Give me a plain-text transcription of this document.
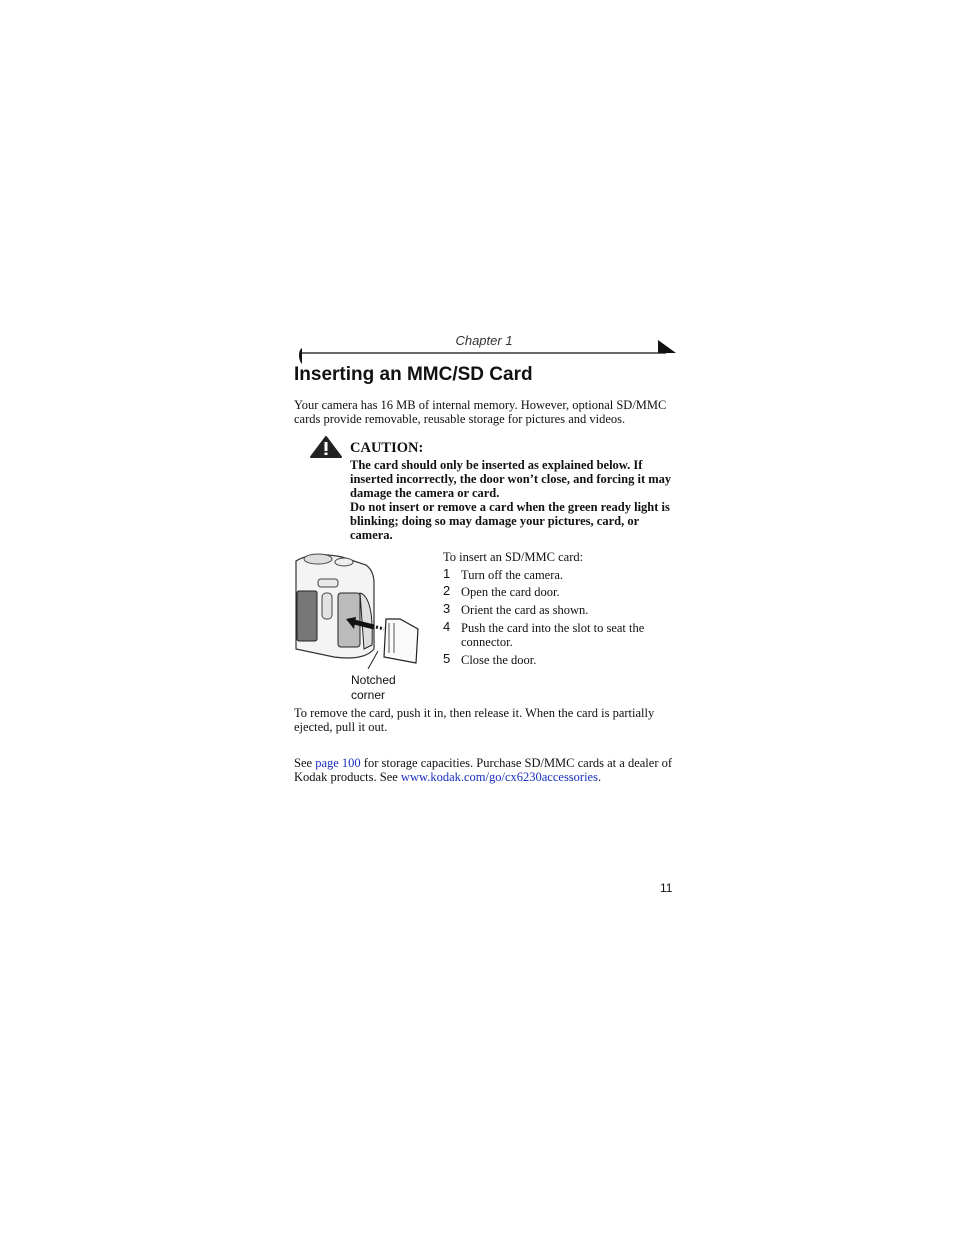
Chapter 1
Inserting an MMC/SD Card
Your camera has 16 MB of internal memory. However, optional SD/MMC cards provide removable, reusable storage for pictures and videos.
CAUTION:
The card should only be inserted as explained below. If inserted incorrectly, the door won’t close, and forcing it may damage the camera or card.
Do not insert or remove a card when the green ready light is blinking; doing so may damage your pictures, card, or camera.
Notched
corner
To insert an SD/MMC card:
1 Turn off the camera.
2 Open the card door.
3 Orient the card as shown.
4 Push the card into the slot to seat the connector.
5 Close the door.
To remove the card, push it in, then release it. When the card is partially ejected, pull it out.
See page 100 for storage capacities. Purchase SD/MMC cards at a dealer of Kodak products. See www.kodak.com/go/cx6230accessories.
11
